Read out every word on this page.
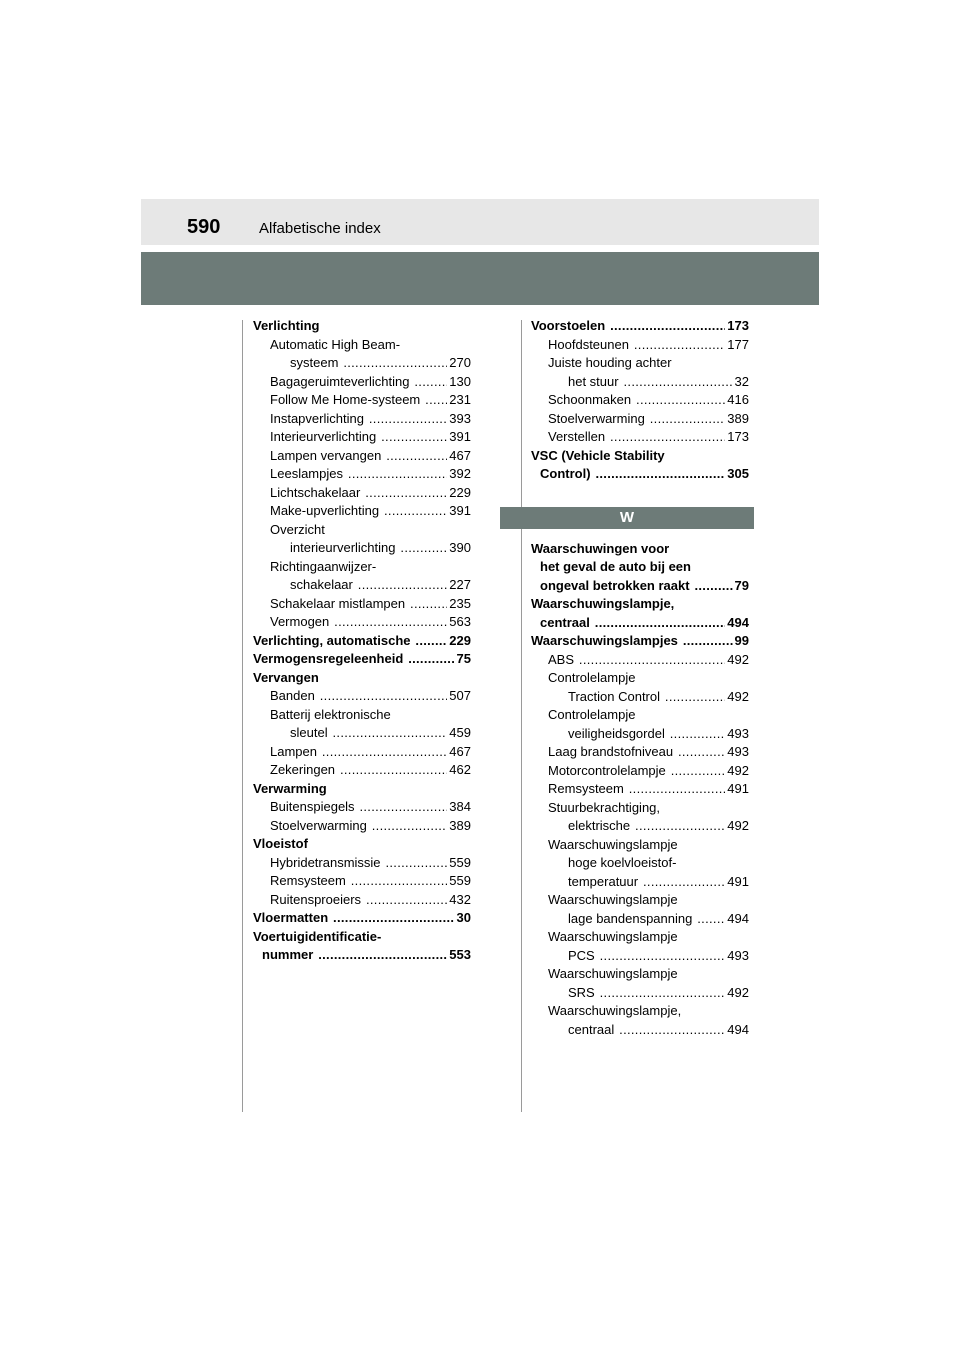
590	Alfabetische index
Verlichting
Automatic High Beam-
systeem	270
.....
Bagageruimteverlichting	130
.....
Follow Me Home-systeem 231
.....
Instapverlichting	393
.....
Interieurverlichting	391
.....
Lampen vervangen	467
.....
Leeslampjes	392
.....
Lichtschakelaar	229
.....
Make-upverlichting	391
.....
Overzicht
interieurverlichting	390
.....
Richtingaanwijzer-
schakelaar	227
.....
Schakelaar mistlampen	235
.....
Vermogen	563
.....
Verlichting, automatische	229
.....
Vermogensregeleenheid	75
.....
Vervangen
Banden	507
.....
Batterij elektronische
sleutel	459
.....
Lampen	467
.....
Zekeringen	462
.....
Verwarming
Buitenspiegels	384
.....
Stoelverwarming	389
.....
Vloeistof
Hybridetransmissie	559
.....
Remsysteem	559
.....
Ruitensproeiers	432
.....
Vloermatten	30
.....
Voertuigidentificatie-
nummer	553
.....
Voorstoelen	173
.....
Hoofdsteunen	177
.....
Juiste houding achter
het stuur	32
.....
Schoonmaken	416
.....
Stoelverwarming	389
.....
Verstellen	173
.....
VSC (Vehicle Stability
Control)	305
.....
W
Waarschuwingen voor
het geval de auto bij een
ongeval betrokken raakt	79
.....
Waarschuwingslampje,
centraal	494
.....
Waarschuwingslampjes	99
.....
ABS	492
.....
Controlelampje
Traction Control	492
.....
Controlelampje
veiligheidsgordel	493
.....
Laag brandstofniveau	493
.....
Motorcontrolelampje	492
.....
Remsysteem	491
.....
Stuurbekrachtiging,
elektrische	492
.....
Waarschuwingslampje
hoge koelvloeistof-
temperatuur	491
.....
Waarschuwingslampje
lage bandenspanning	494
.....
Waarschuwingslampje
PCS	493
.....
Waarschuwingslampje
SRS	492
.....
Waarschuwingslampje,
centraal	494
.....
